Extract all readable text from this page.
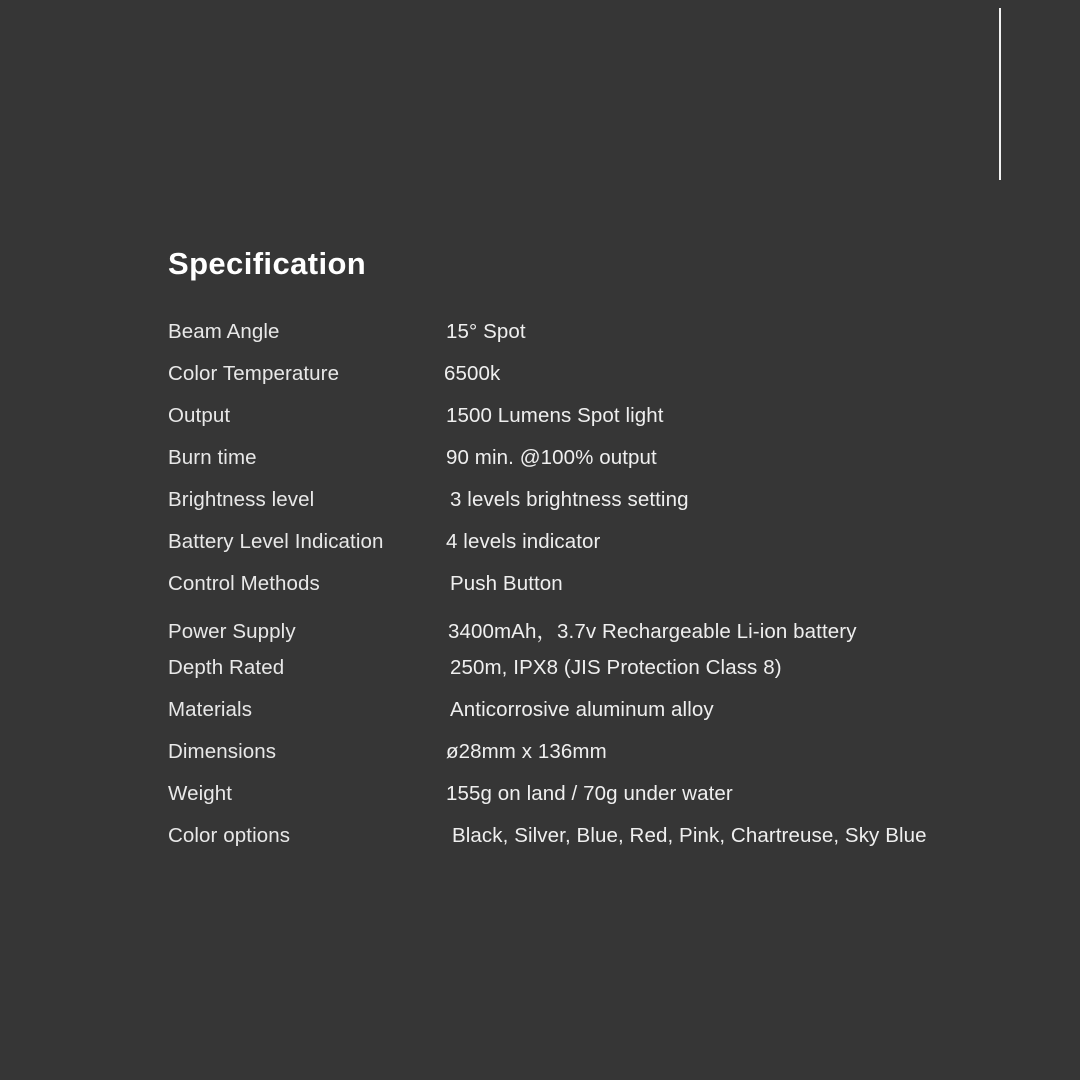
Specification
Beam Angle	15° Spot
Color Temperature	6500k
Output	1500 Lumens Spot light
Burn time	90 min. @100% output
Brightness level	3 levels brightness setting
Battery Level Indication	4 levels indicator
Control Methods	Push Button
Power Supply	3400mAh，3.7v Rechargeable Li-ion battery
Depth Rated	250m, IPX8 (JIS Protection Class 8)
Materials	Anticorrosive aluminum alloy
Dimensions	ø28mm x 136mm
Weight	155g on land / 70g under water
Color options	Black, Silver, Blue, Red, Pink, Chartreuse, Sky Blue
